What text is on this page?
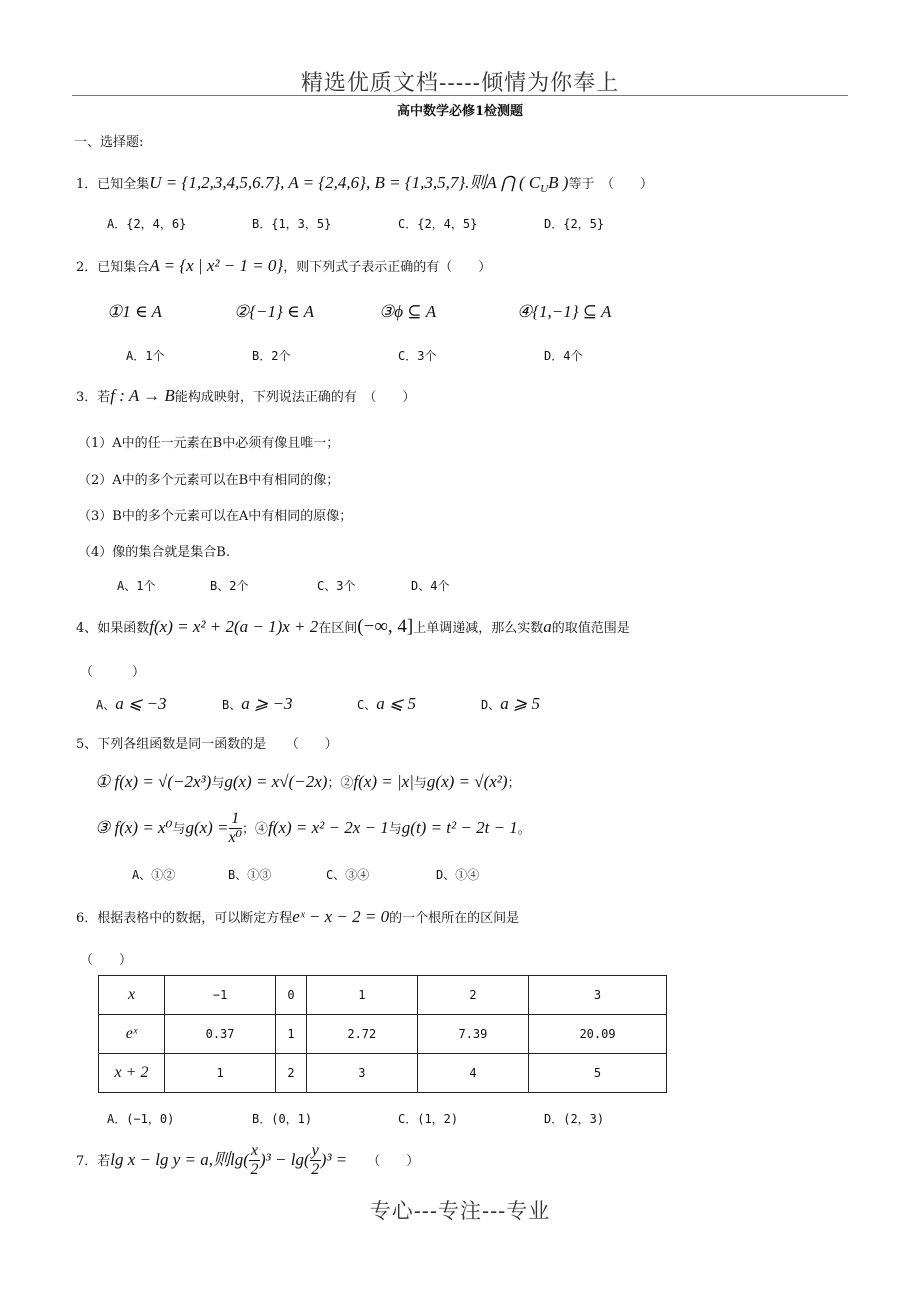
精选优质文档-----倾情为你奉上
高中数学必修1检测题
一、选择题:
1．已知全集U = {1,2,3,4,5,6.7}, A = {2,4,6}, B = {1,3,5,7}.则A ⋂ ( $C_UB$ )等于　（　　）
A．{2，4，6}	B．{1，3，5}	C．{2，4，5}	D．{2，5}
2．已知集合A = {x | x² − 1 = 0}，则下列式子表示正确的有（　　）
①1 ∈ A	②{−1} ∈ A	③ϕ ⊆ A	④{1,−1} ⊆ A
A．1个	B．2个	C．3个	D．4个
3．若f : A → B能构成映射，下列说法正确的有　（　　）
（1）A中的任一元素在B中必须有像且唯一；
（2）A中的多个元素可以在B中有相同的像；
（3）B中的多个元素可以在A中有相同的原像；
（4）像的集合就是集合B.
A、1个	B、2个	C、3个	D、4个
4、如果函数f(x) = x² + 2(a − 1)x + 2在区间(−∞, 4]上单调递减，那么实数a的取值范围是
（　　　）
A、a ⩽ −3	B、a ⩾ −3	C、a ⩽ 5	D、a ⩾ 5
5、下列各组函数是同一函数的是　　（　　）
① f(x) = √(−2x³)与g(x) = x√(−2x)；②f(x) = |x|与g(x) = √(x²)；
③ f(x) = x⁰与$g(x) = \frac{1}{\text{x⁰}}$ ；④f(x) = x² − 2x − 1与g(t) = t² − 2t − 1。
A、①②	B、①③	C、③④	D、①④
6．根据表格中的数据，可以断定方程eˣ − x − 2 = 0的一个根所在的区间是
（　　）
x	−1	0	1	2	3
eˣ	0.37	1	2.72	7.39	20.09
x + 2	1	2	3	4	5
A．(−1，0)	B．(0，1)	C．(1，2)	D．(2，3)
7．若lg x − lg y = a,则$\lg( \frac{x}{2} )^3 - \lg( \frac{y}{2} )^3$ = （　　）
专心---专注---专业
